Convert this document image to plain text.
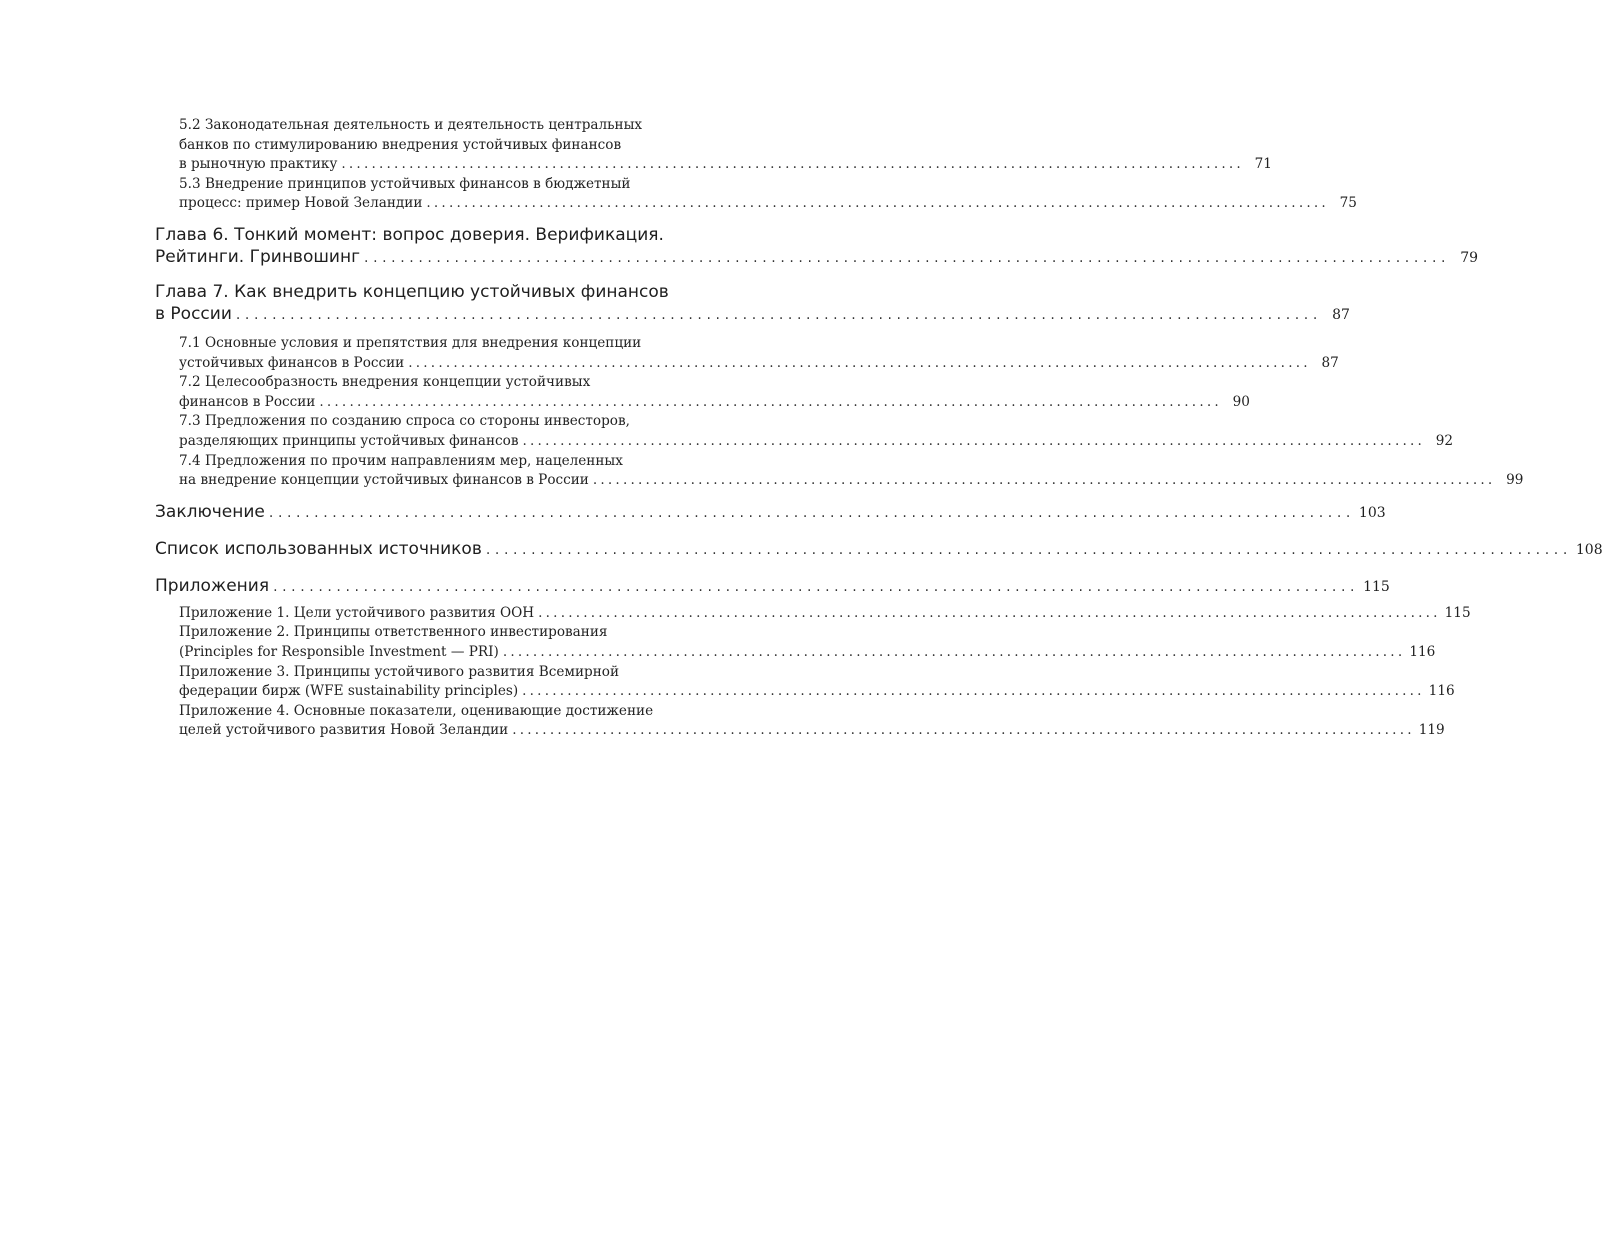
5.2 Законодательная деятельность и деятельность центральных
банков по стимулированию внедрения устойчивых финансов
в рыночную практику ........................................................................................................................ 71
5.3 Внедрение принципов устойчивых финансов в бюджетный
процесс: пример Новой Зеландии ........................................................................................................................ 75
Глава 6. Тонкий момент: вопрос доверия. Верификация.
Рейтинги. Гринвошинг ........................................................................................................................ 79
Глава 7. Как внедрить концепцию устойчивых финансов
в России ........................................................................................................................ 87
7.1 Основные условия и препятствия для внедрения концепции
устойчивых финансов в России ........................................................................................................................ 87
7.2 Целесообразность внедрения концепции устойчивых
финансов в России ........................................................................................................................ 90
7.3 Предложения по созданию спроса со стороны инвесторов,
разделяющих принципы устойчивых финансов ........................................................................................................................ 92
7.4 Предложения по прочим направлениям мер, нацеленных
на внедрение концепции устойчивых финансов в России ........................................................................................................................ 99
Заключение ........................................................................................................................ 103
Список использованных источников ........................................................................................................................ 108
Приложения ........................................................................................................................ 115
Приложение 1. Цели устойчивого развития ООН ........................................................................................................................ 115
Приложение 2. Принципы ответственного инвестирования
(Principles for Responsible Investment — PRI) ........................................................................................................................ 116
Приложение 3. Принципы устойчивого развития Всемирной
федерации бирж (WFE sustainability principles) ........................................................................................................................ 116
Приложение 4. Основные показатели, оценивающие достижение
целей устойчивого развития Новой Зеландии ........................................................................................................................ 119
